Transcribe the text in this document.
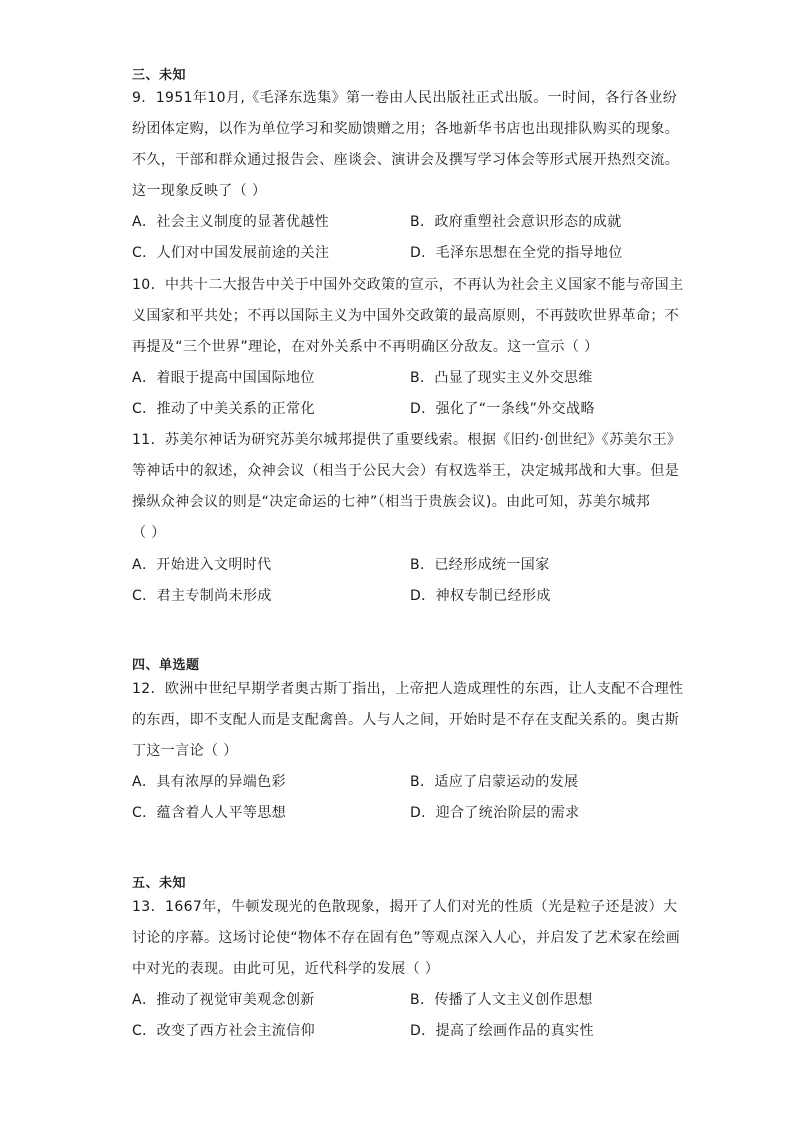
三、未知
9．1951年10月,《毛泽东选集》第一卷由人民出版社正式出版。一时间，各行各业纷
纷团体定购，以作为单位学习和奖励馈赠之用；各地新华书店也出现排队购买的现象。
不久，干部和群众通过报告会、座谈会、演讲会及撰写学习体会等形式展开热烈交流。
这一现象反映了（ ）
A．社会主义制度的显著优越性	B．政府重塑社会意识形态的成就
C．人们对中国发展前途的关注	D．毛泽东思想在全党的指导地位
10．中共十二大报告中关于中国外交政策的宣示，不再认为社会主义国家不能与帝国主
义国家和平共处；不再以国际主义为中国外交政策的最高原则，不再鼓吹世界革命；不
再提及“三个世界”理论，在对外关系中不再明确区分敌友。这一宣示（ ）
A．着眼于提高中国国际地位	B．凸显了现实主义外交思维
C．推动了中美关系的正常化	D．强化了“一条线”外交战略
11．苏美尔神话为研究苏美尔城邦提供了重要线索。根据《旧约·创世纪》《苏美尔王》
等神话中的叙述，众神会议（相当于公民大会）有权选举王，决定城邦战和大事。但是
操纵众神会议的则是“决定命运的七神”（相当于贵族会议)。由此可知，苏美尔城邦
（ ）
A．开始进入文明时代	B．已经形成统一国家
C．君主专制尚未形成	D．神权专制已经形成
四、单选题
12．欧洲中世纪早期学者奥古斯丁指出，上帝把人造成理性的东西，让人支配不合理性
的东西，即不支配人而是支配禽兽。人与人之间，开始时是不存在支配关系的。奥古斯
丁这一言论（ ）
A．具有浓厚的异端色彩	B．适应了启蒙运动的发展
C．蕴含着人人平等思想	D．迎合了统治阶层的需求
五、未知
13．1667年，牛顿发现光的色散现象，揭开了人们对光的性质（光是粒子还是波）大
讨论的序幕。这场讨论使“物体不存在固有色”等观点深入人心，并启发了艺术家在绘画
中对光的表现。由此可见，近代科学的发展（ ）
A．推动了视觉审美观念创新	B．传播了人文主义创作思想
C．改变了西方社会主流信仰	D．提高了绘画作品的真实性
